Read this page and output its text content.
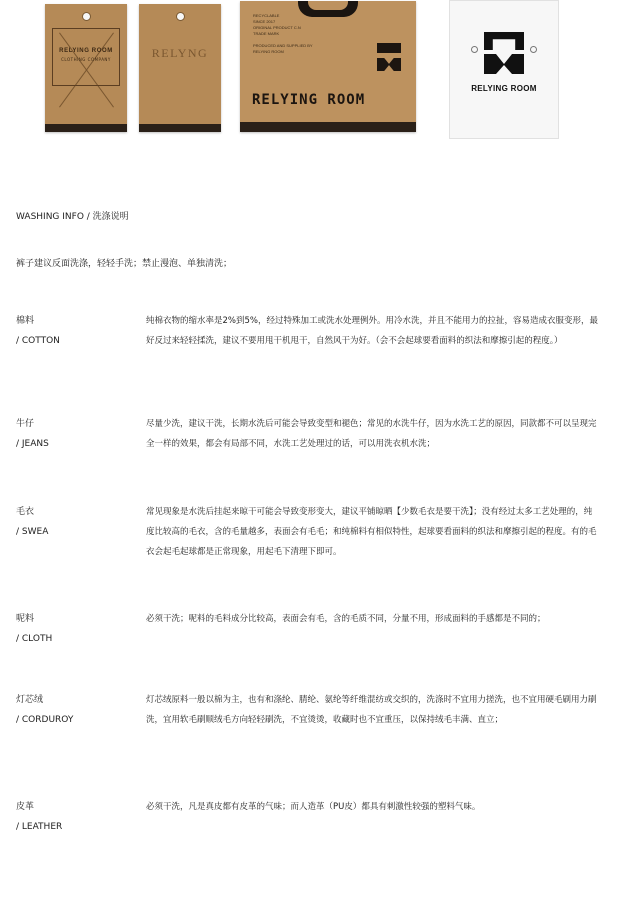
RELYING ROOM
CLOTHING COMPANY	RELYNG
RECYCLABLE
SINCE 2017
ORIGINAL PRODUCT C.N
TRADE MARK

PRODUCED AND SUPPLIED BY
RELYING ROOM
RELYING ROOM
RELYING ROOM
WASHING INFO / 洗涤说明
裤子建议反面洗涤，轻轻手洗；禁止漫泡、单独清洗；
棉料
/ COTTON
纯棉衣物的缩水率是2%到5%，经过特殊加工或洗水处理例外。用冷水洗，并且不能用力的拉扯，容易造成衣服变形，最好反过来轻轻揉洗，建议不要用甩干机甩干，自然风干为好。（会不会起球要看面料的织法和摩擦引起的程度。）
牛仔
/ JEANS
尽量少洗，建议干洗，长期水洗后可能会导致变型和褪色；常见的水洗牛仔，因为水洗工艺的原因，同款都不可以呈现完全一样的效果，都会有局部不同，水洗工艺处理过的话，可以用洗衣机水洗；
毛衣
/ SWEA
常见现象是水洗后挂起来晾干可能会导致变形变大，建议平铺晾晒【少数毛衣是要干洗】；没有经过太多工艺处理的，纯度比较高的毛衣，含的毛量越多，表面会有毛毛；和纯棉料有相似特性，起球要看面料的织法和摩擦引起的程度。有的毛衣会起毛起球都是正常现象，用起毛下清理下即可。
呢料
/ CLOTH
必须干洗；呢料的毛料成分比较高，表面会有毛，含的毛质不同，分量不用，形成面料的手感都是不同的；
灯芯绒
/ CORDUROY
灯芯绒原料一般以棉为主，也有和涤纶、腈纶、氨纶等纤维混纺或交织的，洗涤时不宜用力搓洗，也不宜用硬毛刷用力刷洗，宜用软毛刷顺绒毛方向轻轻刷洗，不宜烫烫，收藏时也不宜重压，以保持绒毛丰满、直立；
皮革
/ LEATHER
必须干洗，凡是真皮都有皮革的气味；而人造革（PU皮）都具有刺激性较强的塑料气味。
